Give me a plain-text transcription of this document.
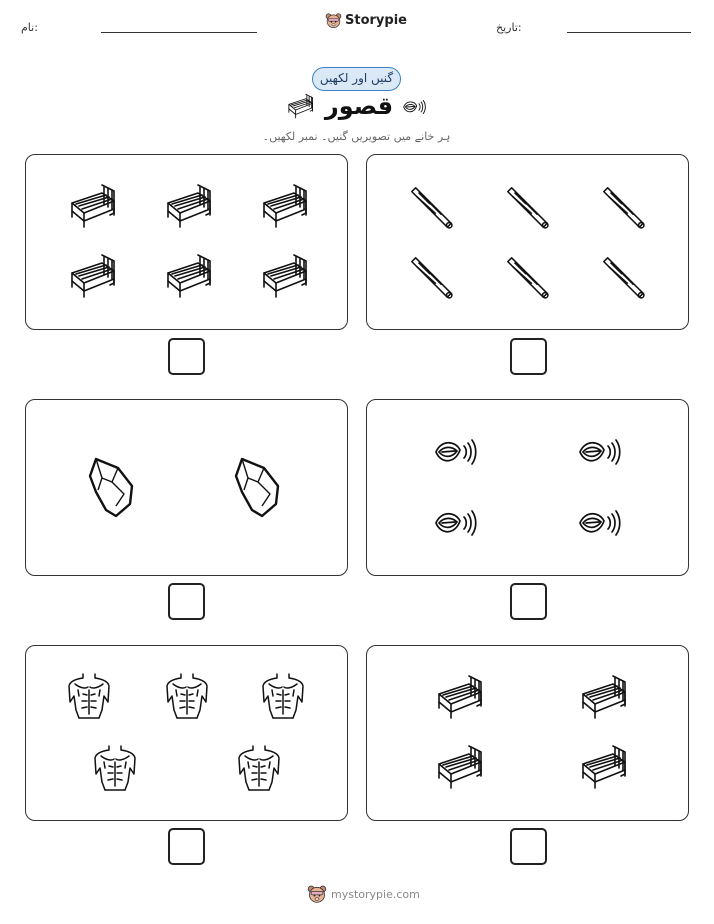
نام:	Storypie	تاریخ:
گنیں اور لکھیں
قصور
ہر خانے میں تصویریں گنیں۔ نمبر لکھیں۔
mystorypie.com
